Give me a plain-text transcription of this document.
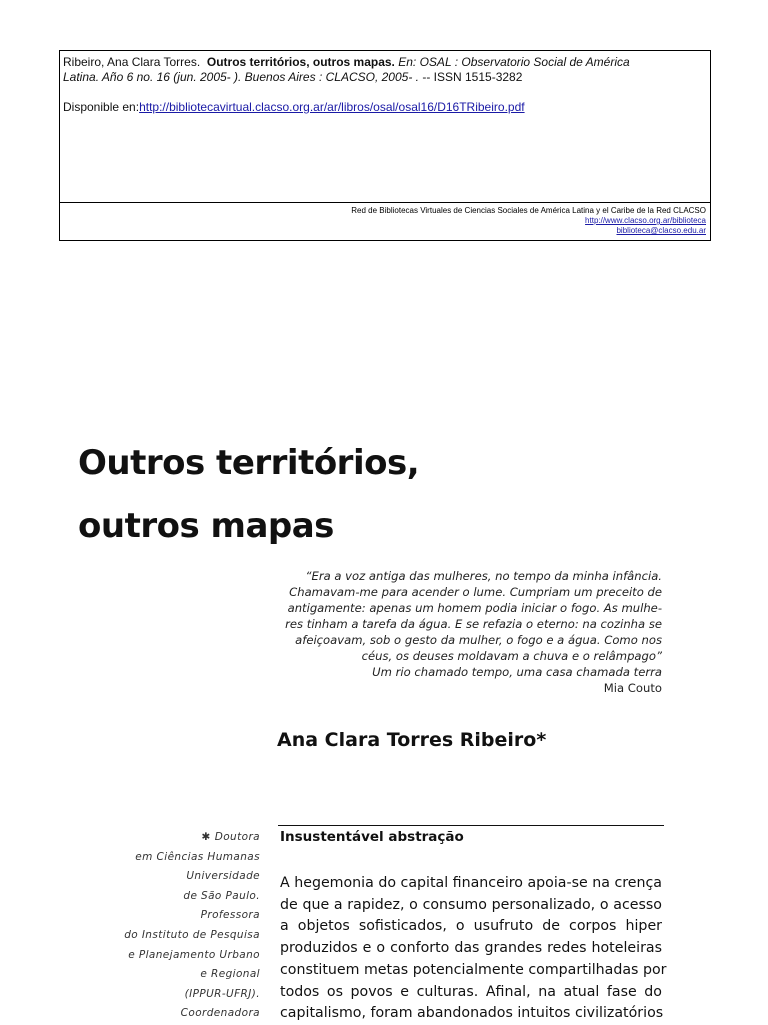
Ribeiro, Ana Clara Torres. Outros territórios, outros mapas. En: OSAL : Observatorio Social de América
Latina. Año 6 no. 16 (jun. 2005- ). Buenos Aires : CLACSO, 2005- . -- ISSN 1515-3282
Disponible en:http://bibliotecavirtual.clacso.org.ar/ar/libros/osal/osal16/D16TRibeiro.pdf
Red de Bibliotecas Virtuales de Ciencias Sociales de América Latina y el Caribe de la Red CLACSO
http://www.clacso.org.ar/biblioteca
biblioteca@clacso.edu.ar
Outros territórios,
outros mapas
“Era a voz antiga das mulheres, no tempo da minha infância.
Chamavam-me para acender o lume. Cumpriam um preceito de
antigamente: apenas um homem podia iniciar o fogo. As mulhe-
res tinham a tarefa da água. E se refazia o eterno: na cozinha se
afeiçoavam, sob o gesto da mulher, o fogo e a água. Como nos
céus, os deuses moldavam a chuva e o relâmpago”
Um rio chamado tempo, uma casa chamada terra
Mia Couto
Ana Clara Torres Ribeiro*
✱ Doutora
em Ciências Humanas
Universidade
de São Paulo.
Professora
do Instituto de Pesquisa
e Planejamento Urbano
e Regional
(IPPUR-UFRJ).
Coordenadora
Insustentável abstração
A hegemonia do capital financeiro apoia-se na crença
de que a rapidez, o consumo personalizado, o acesso
a objetos sofisticados, o usufruto de corpos hiper
produzidos e o conforto das grandes redes hoteleiras
constituem metas potencialmente compartilhadas por
todos os povos e culturas. Afinal, na atual fase do
capitalismo, foram abandonados intuitos civilizatórios
